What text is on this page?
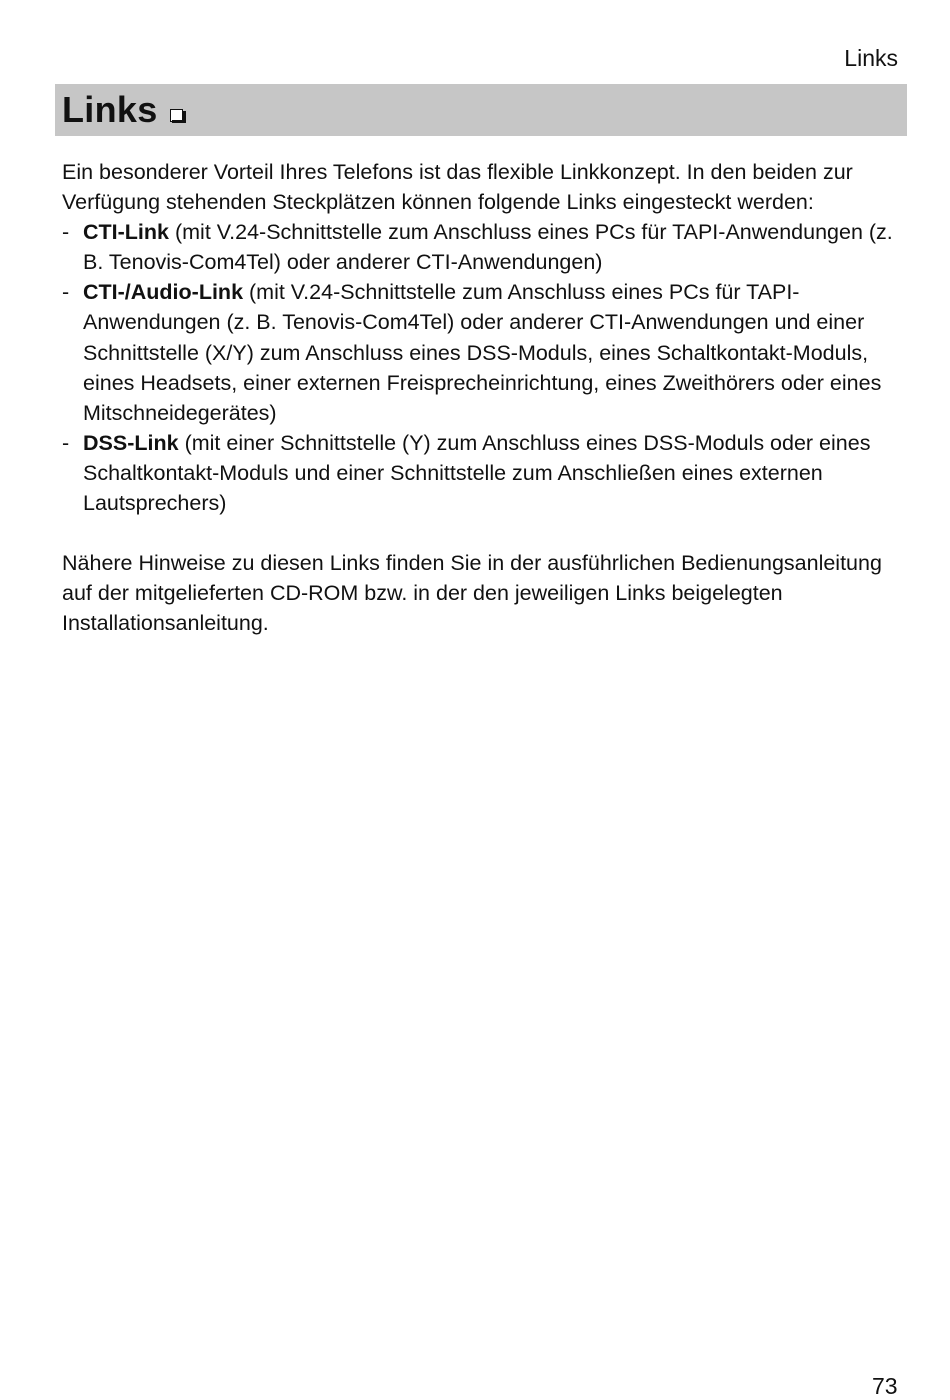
Links
Links

Ein besonderer Vorteil Ihres Telefons ist das flexible Linkkonzept. In den beiden zur Verfügung stehenden Steckplätzen können folgende Links eingesteckt werden:

- CTI-Link (mit V.24-Schnittstelle zum Anschluss eines PCs für TAPI-Anwendungen (z. B. Tenovis-Com4Tel) oder anderer CTI-Anwendungen)
- CTI-/Audio-Link (mit V.24-Schnittstelle zum Anschluss eines PCs für TAPI-Anwendungen (z. B. Tenovis-Com4Tel) oder anderer CTI-Anwendungen und einer Schnittstelle (X/Y) zum Anschluss eines DSS-Moduls, eines Schaltkontakt-Moduls, eines Headsets, einer externen Freisprecheinrichtung, eines Zweithörers oder eines Mitschneidegerätes)
- DSS-Link (mit einer Schnittstelle (Y) zum Anschluss eines DSS-Moduls oder eines Schaltkontakt-Moduls und einer Schnittstelle zum Anschließen eines externen Lautsprechers)

Nähere Hinweise zu diesen Links finden Sie in der ausführlichen Bedienungsanleitung auf der mitgelieferten CD-ROM bzw. in der den jeweiligen Links beigelegten Installationsanleitung.

73
